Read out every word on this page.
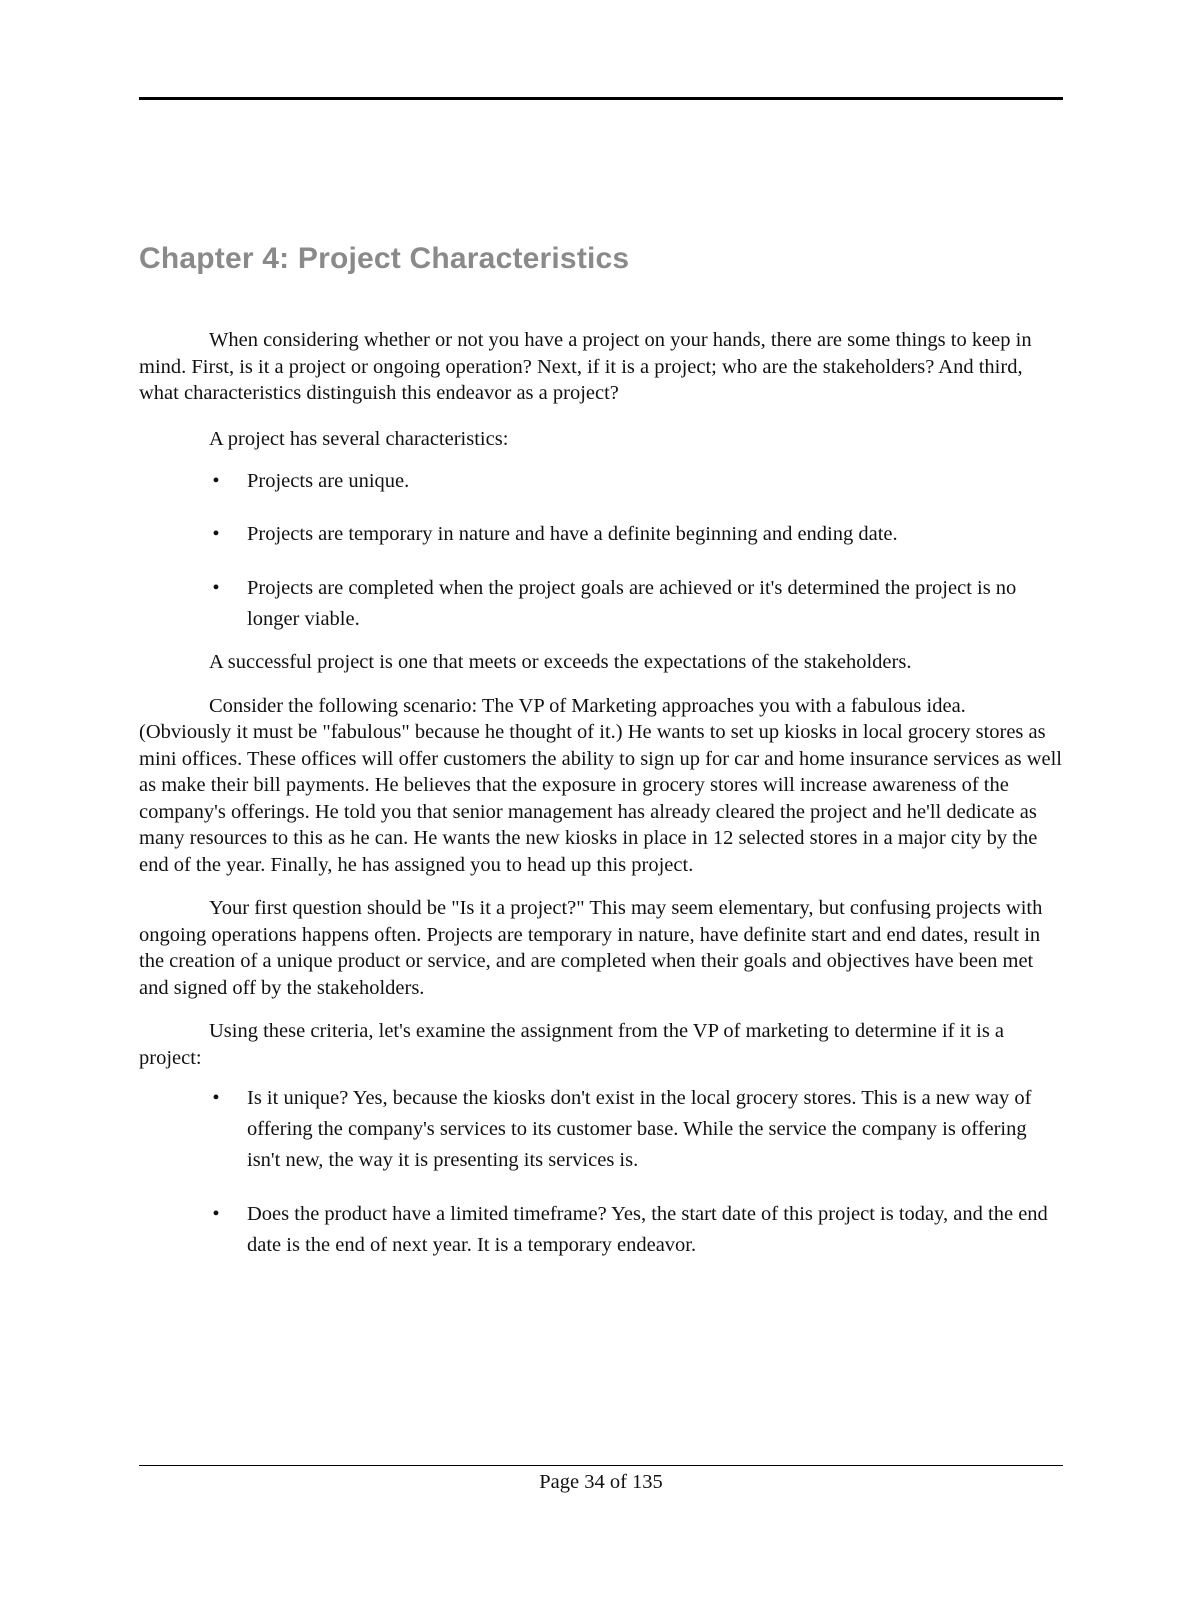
Chapter 4: Project Characteristics

When considering whether or not you have a project on your hands, there are some things to keep in mind. First, is it a project or ongoing operation? Next, if it is a project; who are the stakeholders? And third, what characteristics distinguish this endeavor as a project?

A project has several characteristics:

• Projects are unique.
• Projects are temporary in nature and have a definite beginning and ending date.
• Projects are completed when the project goals are achieved or it's determined the project is no longer viable.

A successful project is one that meets or exceeds the expectations of the stakeholders.

Consider the following scenario: The VP of Marketing approaches you with a fabulous idea. (Obviously it must be "fabulous" because he thought of it.) He wants to set up kiosks in local grocery stores as mini offices. These offices will offer customers the ability to sign up for car and home insurance services as well as make their bill payments. He believes that the exposure in grocery stores will increase awareness of the company's offerings. He told you that senior management has already cleared the project and he'll dedicate as many resources to this as he can. He wants the new kiosks in place in 12 selected stores in a major city by the end of the year. Finally, he has assigned you to head up this project.

Your first question should be "Is it a project?" This may seem elementary, but confusing projects with ongoing operations happens often. Projects are temporary in nature, have definite start and end dates, result in the creation of a unique product or service, and are completed when their goals and objectives have been met and signed off by the stakeholders.

Using these criteria, let's examine the assignment from the VP of marketing to determine if it is a project:

• Is it unique? Yes, because the kiosks don't exist in the local grocery stores. This is a new way of offering the company's services to its customer base. While the service the company is offering isn't new, the way it is presenting its services is.
• Does the product have a limited timeframe? Yes, the start date of this project is today, and the end date is the end of next year. It is a temporary endeavor.
Page 34 of 135
